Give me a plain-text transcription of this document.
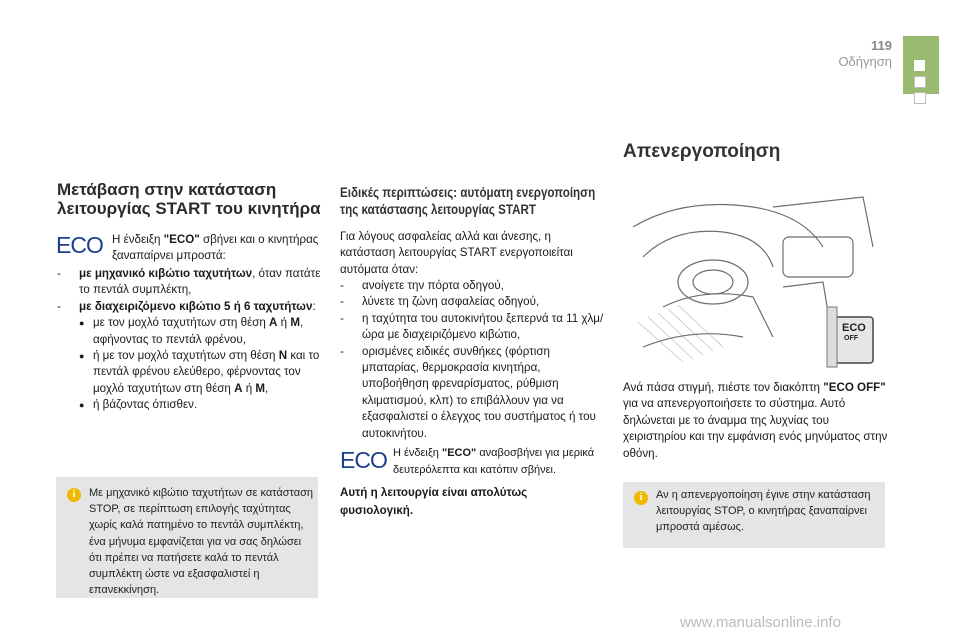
119
Οδήγηση
Μετάβαση στην κατάσταση λειτουργίας START του κινητήρα
ECO Η ένδειξη "ECO" σβήνει και ο κινητήρας ξαναπαίρνει μπροστά:

- με μηχανικό κιβώτιο ταχυτήτων, όταν πατάτε το πεντάλ συμπλέκτη,
- με διαχειριζόμενο κιβώτιο 5 ή 6 ταχυτήτων:
● με τον μοχλό ταχυτήτων στη θέση A ή M, αφήνοντας το πεντάλ φρένου,
● ή με τον μοχλό ταχυτήτων στη θέση N και το πεντάλ φρένου ελεύθερο, φέρνοντας τον μοχλό ταχυτήτων στη θέση A ή M,
● ή βάζοντας όπισθεν.
i	Με μηχανικό κιβώτιο ταχυτήτων σε κατάσταση STOP, σε περίπτωση επιλογής ταχύτητας χωρίς καλά πατημένο το πεντάλ συμπλέκτη, ένα μήνυμα εμφανίζεται για να σας δηλώσει ότι πρέπει να πατήσετε καλά το πεντάλ συμπλέκτη ώστε να εξασφαλιστεί η επανεκκίνηση.

Ειδικές περιπτώσεις: αυτόματη ενεργοποίηση της κατάστασης λειτουργίας START

Για λόγους ασφαλείας αλλά και άνεσης, η κατάσταση λειτουργίας START ενεργοποιείται αυτόματα όταν:

- ανοίγετε την πόρτα οδηγού,
- λύνετε τη ζώνη ασφαλείας οδηγού,
- η ταχύτητα του αυτοκινήτου ξεπερνά τα 11 χλμ/ώρα με διαχειριζόμενο κιβώτιο,
- ορισμένες ειδικές συνθήκες (φόρτιση μπαταρίας, θερμοκρασία κινητήρα, υποβοήθηση φρεναρίσματος, ρύθμιση κλιματισμού, κλπ) το επιβάλλουν για να εξασφαλιστεί ο έλεγχος του συστήματος ή του αυτοκινήτου.
ECO Η ένδειξη "ECO" αναβοσβήνει για μερικά δευτερόλεπτα και κατόπιν σβήνει.

Αυτή η λειτουργία είναι απολύτως φυσιολογική.

Απενεργοποίηση
ECO
OFF

Ανά πάσα στιγμή, πιέστε τον διακόπτη "ECO OFF" για να απενεργοποιήσετε το σύστημα. Αυτό δηλώνεται με το άναμμα της λυχνίας του χειριστηρίου και την εμφάνιση ενός μηνύματος στην οθόνη.

i	Αν η απενεργοποίηση έγινε στην κατάσταση λειτουργίας STOP, ο κινητήρας ξαναπαίρνει μπροστά αμέσως.

www.manualsonline.info
